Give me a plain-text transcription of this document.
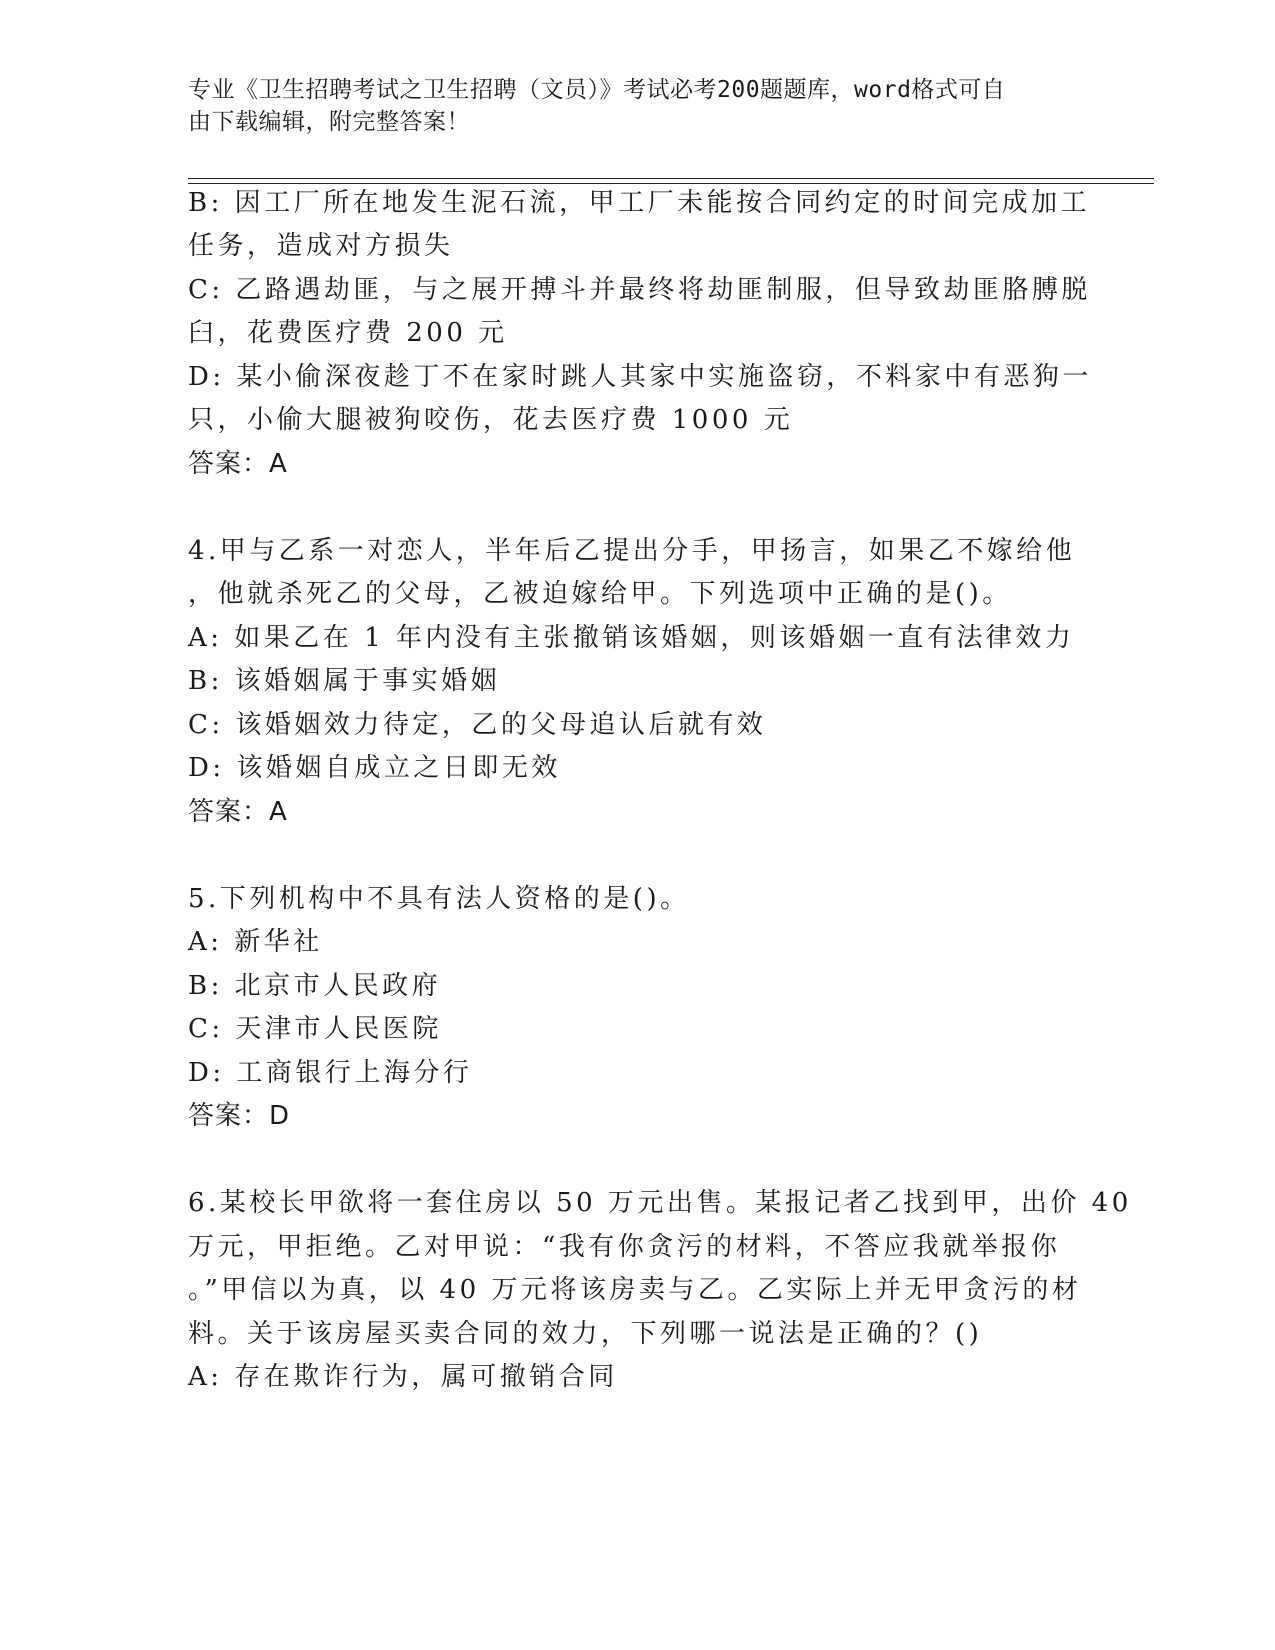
专业《卫生招聘考试之卫生招聘（文员）》考试必考200题题库，word格式可自
由下载编辑，附完整答案！
B: 因工厂所在地发生泥石流，甲工厂未能按合同约定的时间完成加工
任务，造成对方损失
C: 乙路遇劫匪，与之展开搏斗并最终将劫匪制服，但导致劫匪胳膊脱
臼，花费医疗费 200 元
D: 某小偷深夜趁丁不在家时跳人其家中实施盗窃，不料家中有恶狗一
只，小偷大腿被狗咬伤，花去医疗费 1000 元
答案：A
4.甲与乙系一对恋人，半年后乙提出分手，甲扬言，如果乙不嫁给他
，他就杀死乙的父母，乙被迫嫁给甲。下列选项中正确的是()。
A: 如果乙在 1 年内没有主张撤销该婚姻，则该婚姻一直有法律效力
B: 该婚姻属于事实婚姻
C: 该婚姻效力待定，乙的父母追认后就有效
D: 该婚姻自成立之日即无效
答案：A
5.下列机构中不具有法人资格的是()。
A: 新华社
B: 北京市人民政府
C: 天津市人民医院
D: 工商银行上海分行
答案：D
6.某校长甲欲将一套住房以 50 万元出售。某报记者乙找到甲，出价 40
万元，甲拒绝。乙对甲说：“我有你贪污的材料，不答应我就举报你
。”甲信以为真，以 40 万元将该房卖与乙。乙实际上并无甲贪污的材
料。关于该房屋买卖合同的效力，下列哪一说法是正确的？()
A: 存在欺诈行为，属可撤销合同
